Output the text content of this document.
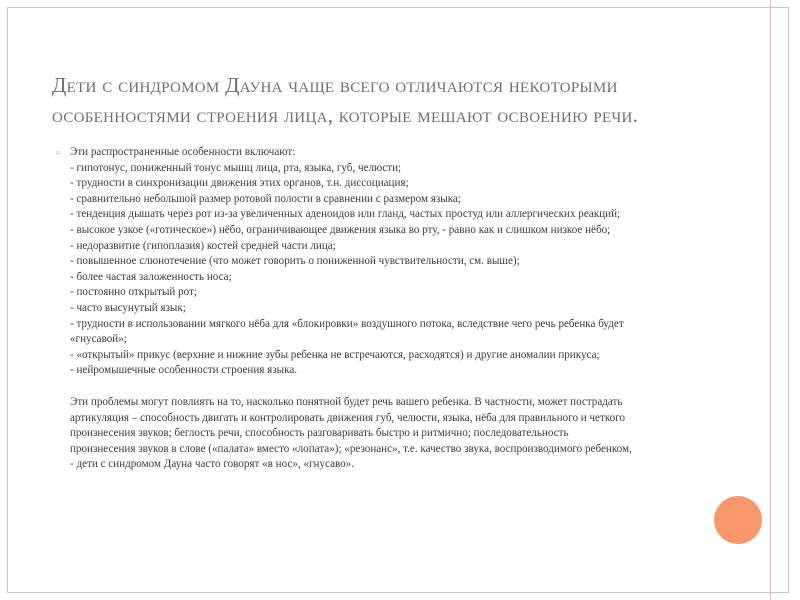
Дети с синдромом Дауна чаще всего отличаются некоторыми
особенностями строения лица, которые мешают освоению речи.
▫ Эти распространенные особенности включают:
- гипотонус, пониженный тонус мышц лица, рта, языка, губ, челюсти;
- трудности в синхронизации движения этих органов, т.н. диссоциация;
- сравнительно небольшой размер ротовой полости в сравнении с размером языка;
- тенденция дышать через рот из-за увеличенных аденоидов или гланд, частых простуд или аллергических реакций;
- высокое узкое («готическое») нёбо, ограничивающее движения языка во рту, - равно как и слишком низкое нёбо;
- недоразвитие (гипоплазия) костей средней части лица;
- повышенное слюнотечение (что может говорить о пониженной чувствительности, см. выше);
- более частая заложенность носа;
- постоянно открытый рот;
- часто высунутый язык;
- трудности в использовании мягкого нёба для «блокировки» воздушного потока, вследствие чего речь ребенка будет
«гнусавой»;
- «открытый» прикус (верхние и нижние зубы ребенка не встречаются, расходятся) и другие аномалии прикуса;
- нейромышечные особенности строения языка.
Эти проблемы могут повлиять на то, насколько понятной будет речь вашего ребенка. В частности, может пострадать
артикуляция – способность двигать и контролировать движения губ, челюсти, языка, нёба для правильного и четкого
произнесения звуков; беглость речи, способность разговаривать быстро и ритмично; последовательность
произнесения звуков в слове («палата» вместо «лопата»); «резонанс», т.е. качество звука, воспроизводимого ребенком,
- дети с синдромом Дауна часто говорят «в нос», «гнусаво».
